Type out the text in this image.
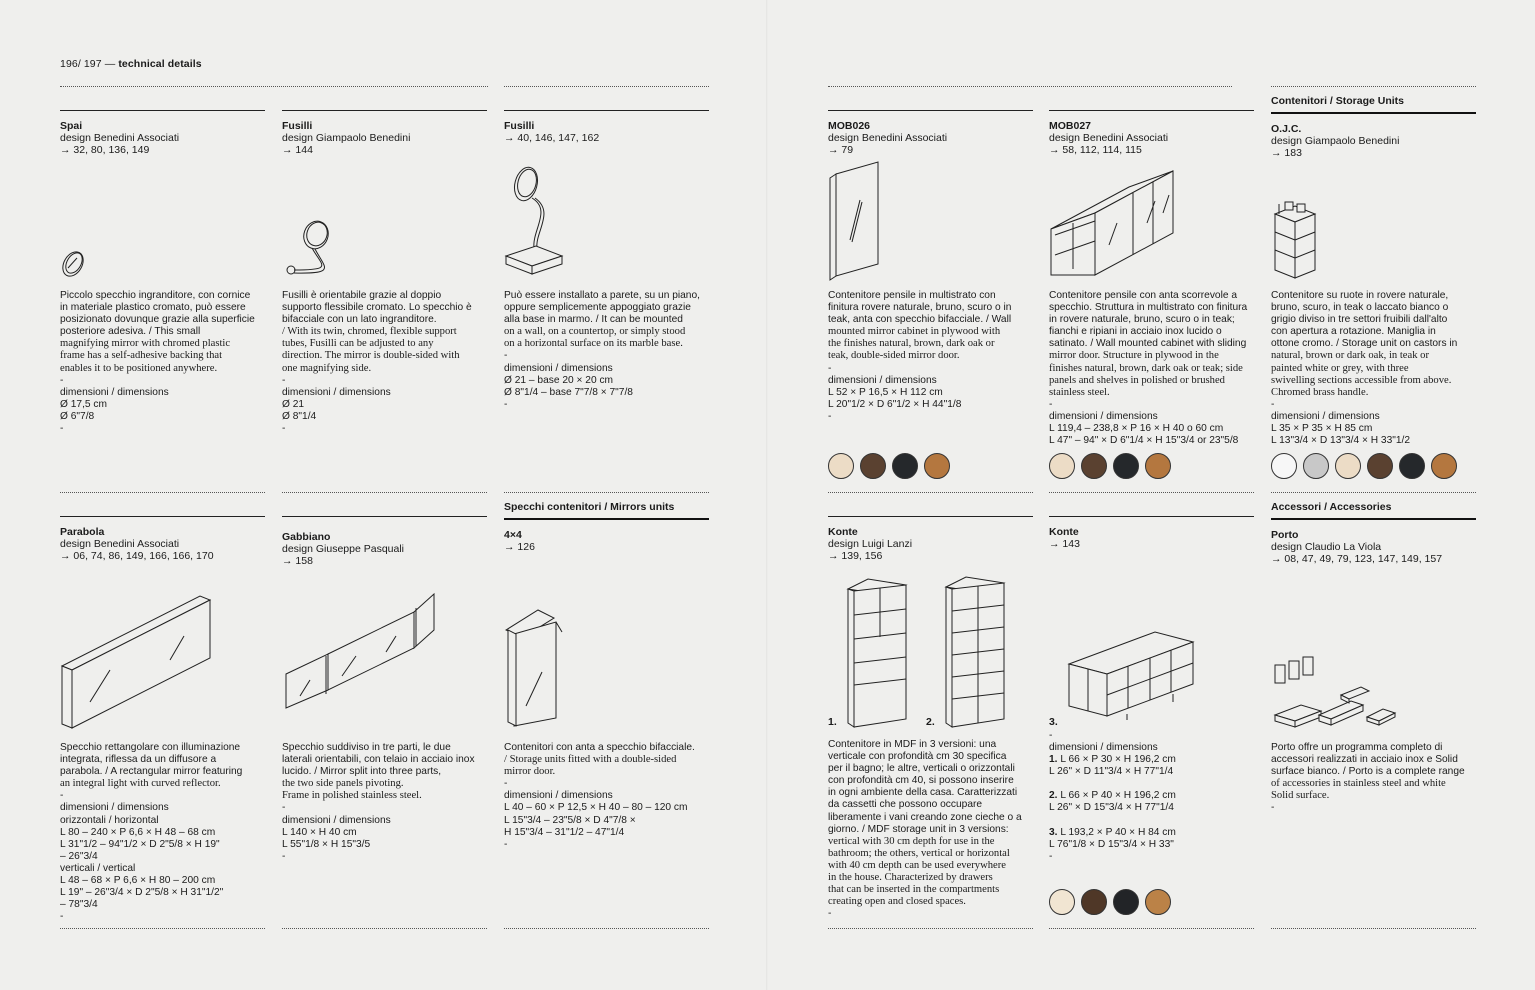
196/ 197 — technical details
Spai
design Benedini Associati
→ 32, 80, 136, 149
Piccolo specchio ingranditore, con cornice
in materiale plastico cromato, può essere
posizionato dovunque grazie alla superficie
posteriore adesiva. / This small
magnifying mirror with chromed plastic
frame has a self-adhesive backing that
enables it to be positioned anywhere.
-
dimensioni / dimensions
Ø 17,5 cm
Ø 6"7/8
-
Fusilli
design Giampaolo Benedini
→ 144
Fusilli è orientabile grazie al doppio
supporto flessibile cromato. Lo specchio è
bifacciale con un lato ingranditore.
/ With its twin, chromed, flexible support
tubes, Fusilli can be adjusted to any
direction. The mirror is double-sided with
one magnifying side.
-
dimensioni / dimensions
Ø 21
Ø 8"1/4
-
Fusilli
→ 40, 146, 147, 162
Può essere installato a parete, su un piano,
oppure semplicemente appoggiato grazie
alla base in marmo. / It can be mounted
on a wall, on a countertop, or simply stood
on a horizontal surface on its marble base.
-
dimensioni / dimensions
Ø 21 – base 20 × 20 cm
Ø 8"1/4 – base 7"7/8 × 7"7/8
-
MOB026
design Benedini Associati
→ 79
Contenitore pensile in multistrato con
finitura rovere naturale, bruno, scuro o in
teak, anta con specchio bifacciale. / Wall
mounted mirror cabinet in plywood with
the finishes natural, brown, dark oak or
teak, double-sided mirror door.
-
dimensioni / dimensions
L 52 × P 16,5 × H 112 cm
L 20"1/2 × D 6"1/2 × H 44"1/8
-
MOB027
design Benedini Associati
→ 58, 112, 114, 115
Contenitore pensile con anta scorrevole a
specchio. Struttura in multistrato con finitura
in rovere naturale, bruno, scuro o in teak;
fianchi e ripiani in acciaio inox lucido o
satinato. / Wall mounted cabinet with sliding
mirror door. Structure in plywood in the
finishes natural, brown, dark oak or teak; side
panels and shelves in polished or brushed
stainless steel.
-
dimensioni / dimensions
L 119,4 – 238,8 × P 16 × H 40 o 60 cm
L 47" – 94" × D 6"1/4 × H 15"3/4 or 23"5/8
Contenitori / Storage Units
O.J.C.
design Giampaolo Benedini
→ 183
Contenitore su ruote in rovere naturale,
bruno, scuro, in teak o laccato bianco o
grigio diviso in tre settori fruibili dall'alto
con apertura a rotazione. Maniglia in
ottone cromo. / Storage unit on castors in
natural, brown or dark oak, in teak or
painted white or grey, with three
swivelling sections accessible from above.
Chromed brass handle.
-
dimensioni / dimensions
L 35 × P 35 × H 85 cm
L 13"3/4 × D 13"3/4 × H 33"1/2
Parabola
design Benedini Associati
→ 06, 74, 86, 149, 166, 166, 170
Specchio rettangolare con illuminazione
integrata, riflessa da un diffusore a
parabola. / A rectangular mirror featuring
an integral light with curved reflector.
-
dimensioni / dimensions
orizzontali / horizontal
L 80 – 240 × P 6,6 × H 48 – 68 cm
L 31"1/2 – 94"1/2 × D 2"5/8 × H 19"
– 26"3/4
verticali / vertical
L 48 – 68 × P 6,6 × H 80 – 200 cm
L 19" – 26"3/4 × D 2"5/8 × H 31"1/2"
– 78"3/4
-
Gabbiano
design Giuseppe Pasquali
→ 158
Specchio suddiviso in tre parti, le due
laterali orientabili, con telaio in acciaio inox
lucido. / Mirror split into three parts,
the two side panels pivoting.
Frame in polished stainless steel.
-
dimensioni / dimensions
L 140 × H 40 cm
L 55"1/8 × H 15"3/5
-
Specchi contenitori / Mirrors units
4×4
→ 126
Contenitori con anta a specchio bifacciale.
/ Storage units fitted with a double-sided
mirror door.
-
dimensioni / dimensions
L 40 – 60 × P 12,5 × H 40 – 80 – 120 cm
L 15"3/4 – 23"5/8 × D 4"7/8 ×
H 15"3/4 – 31"1/2 – 47"1/4
-
Konte
design Luigi Lanzi
→ 139, 156
1.	2.
Contenitore in MDF in 3 versioni: una
verticale con profondità cm 30 specifica
per il bagno; le altre, verticali o orizzontali
con profondità cm 40, si possono inserire
in ogni ambiente della casa. Caratterizzati
da cassetti che possono occupare
liberamente i vani creando zone cieche o a
giorno. / MDF storage unit in 3 versions:
vertical with 30 cm depth for use in the
bathroom; the others, vertical or horizontal
with 40 cm depth can be used everywhere
in the house. Characterized by drawers
that can be inserted in the compartments
creating open and closed spaces.
-
Konte
→ 143
3.
-
dimensioni / dimensions
1. L 66 × P 30 × H 196,2 cm
L 26" × D 11"3/4 × H 77"1/4
2. L 66 × P 40 × H 196,2 cm
L 26" × D 15"3/4 × H 77"1/4
3. L 193,2 × P 40 × H 84 cm
L 76"1/8 × D 15"3/4 × H 33"
-
Accessori / Accessories
Porto
design Claudio La Viola
→ 08, 47, 49, 79, 123, 147, 149, 157
Porto offre un programma completo di
accessori realizzati in acciaio inox e Solid
surface bianco. / Porto is a complete range
of accessories in stainless steel and white
Solid surface.
-
